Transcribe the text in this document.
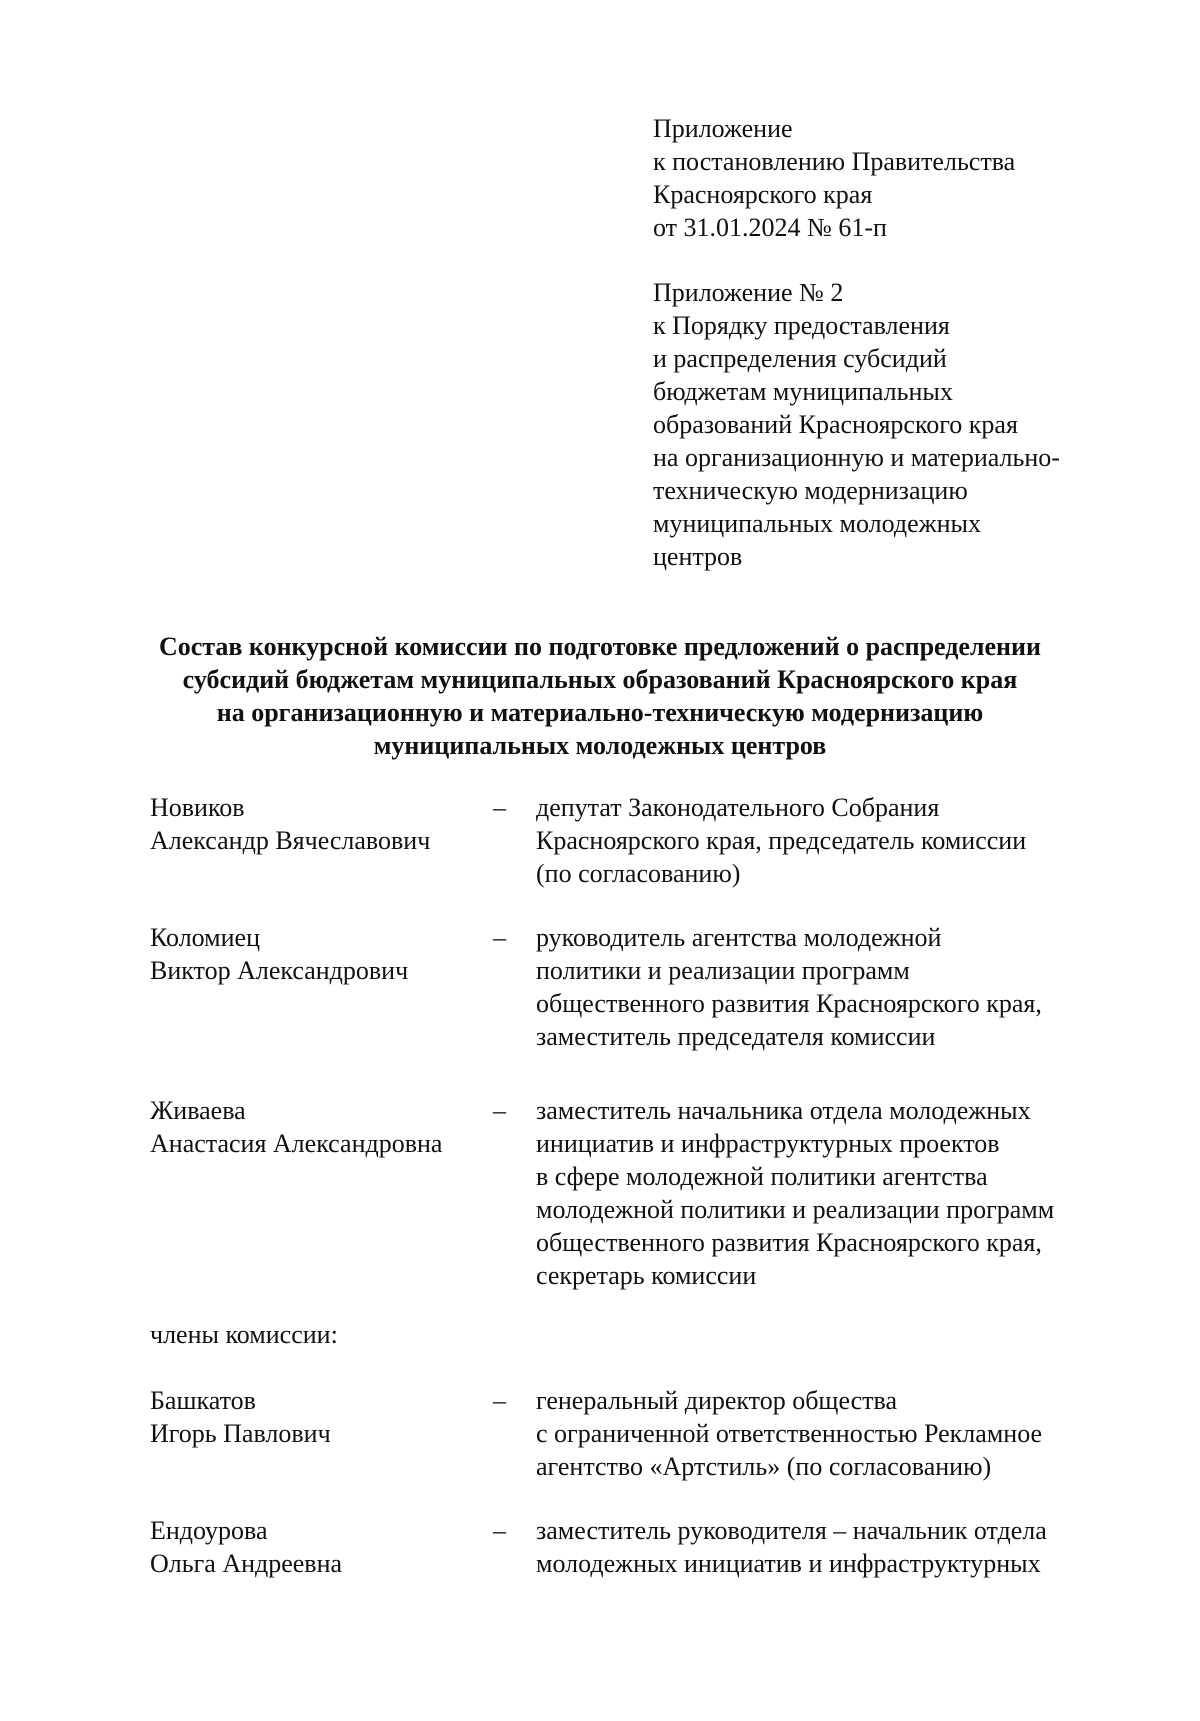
Приложение
к постановлению Правительства
Красноярского края
от 31.01.2024 № 61-п
Приложение № 2
к Порядку предоставления
и распределения субсидий
бюджетам муниципальных
образований Красноярского края
на организационную и материально-
техническую модернизацию
муниципальных молодежных
центров
Состав конкурсной комиссии по подготовке предложений о распределении
субсидий бюджетам муниципальных образований Красноярского края
на организационную и материально-техническую модернизацию
муниципальных молодежных центров
Новиков
Александр Вячеславович
– депутат Законодательного Собрания
Красноярского края, председатель комиссии
(по согласованию)
Коломиец
Виктор Александрович
– руководитель агентства молодежной
политики и реализации программ
общественного развития Красноярского края,
заместитель председателя комиссии
Живаева
Анастасия Александровна
– заместитель начальника отдела молодежных
инициатив и инфраструктурных проектов
в сфере молодежной политики агентства
молодежной политики и реализации программ
общественного развития Красноярского края,
секретарь комиссии
члены комиссии:
Башкатов
Игорь Павлович
– генеральный директор общества
с ограниченной ответственностью Рекламное
агентство «Артстиль» (по согласованию)
Ендоурова
Ольга Андреевна
– заместитель руководителя – начальник отдела
молодежных инициатив и инфраструктурных
